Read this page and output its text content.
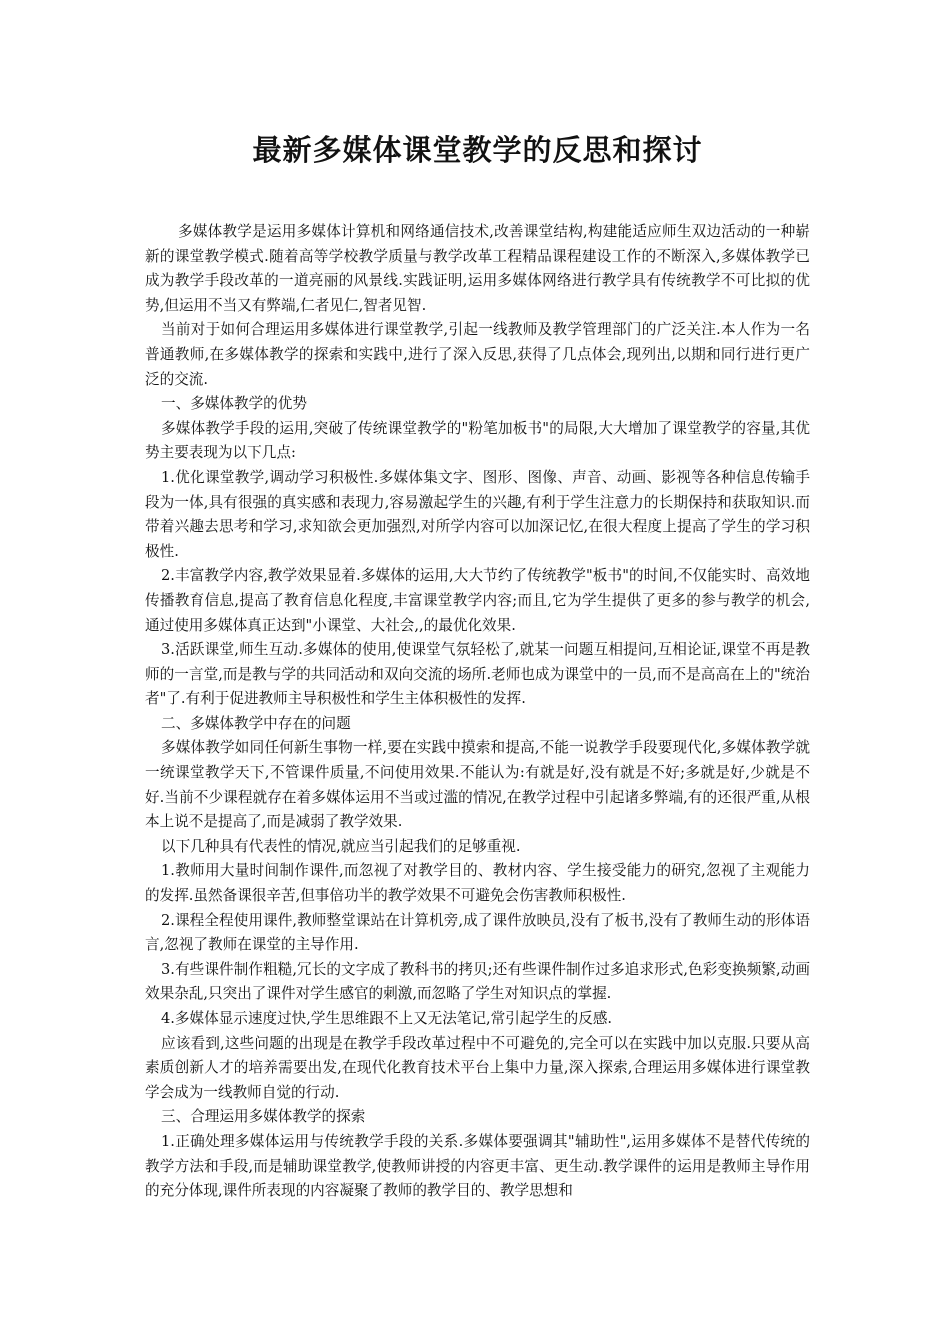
最新多媒体课堂教学的反思和探讨

多媒体教学是运用多媒体计算机和网络通信技术,改善课堂结构,构建能适应师生双边活动的一种崭新的课堂教学模式.随着高等学校教学质量与教学改革工程精品课程建设工作的不断深入,多媒体教学已成为教学手段改革的一道亮丽的风景线.实践证明,运用多媒体网络进行教学具有传统教学不可比拟的优势,但运用不当又有弊端,仁者见仁,智者见智.

当前对于如何合理运用多媒体进行课堂教学,引起一线教师及教学管理部门的广泛关注.本人作为一名普通教师,在多媒体教学的探索和实践中,进行了深入反思,获得了几点体会,现列出,以期和同行进行更广泛的交流.

一、多媒体教学的优势

多媒体教学手段的运用,突破了传统课堂教学的"粉笔加板书"的局限,大大增加了课堂教学的容量,其优势主要表现为以下几点:

1.优化课堂教学,调动学习积极性.多媒体集文字、图形、图像、声音、动画、影视等各种信息传输手段为一体,具有很强的真实感和表现力,容易激起学生的兴趣,有利于学生注意力的长期保持和获取知识.而带着兴趣去思考和学习,求知欲会更加强烈,对所学内容可以加深记忆,在很大程度上提高了学生的学习积极性.

2.丰富教学内容,教学效果显着.多媒体的运用,大大节约了传统教学"板书"的时间,不仅能实时、高效地传播教育信息,提高了教育信息化程度,丰富课堂教学内容;而且,它为学生提供了更多的参与教学的机会,通过使用多媒体真正达到"小课堂、大社会,,的最优化效果.

3.活跃课堂,师生互动.多媒体的使用,使课堂气氛轻松了,就某一问题互相提问,互相论证,课堂不再是教师的一言堂,而是教与学的共同活动和双向交流的场所.老师也成为课堂中的一员,而不是高高在上的"统治者"了.有利于促进教师主导积极性和学生主体积极性的发挥.

二、多媒体教学中存在的问题

多媒体教学如同任何新生事物一样,要在实践中摸索和提高,不能一说教学手段要现代化,多媒体教学就一统课堂教学天下,不管课件质量,不问使用效果.不能认为:有就是好,没有就是不好;多就是好,少就是不好.当前不少课程就存在着多媒体运用不当或过滥的情况,在教学过程中引起诸多弊端,有的还很严重,从根本上说不是提高了,而是减弱了教学效果.

以下几种具有代表性的情况,就应当引起我们的足够重视.

1.教师用大量时间制作课件,而忽视了对教学目的、教材内容、学生接受能力的研究,忽视了主观能力的发挥.虽然备课很辛苦,但事倍功半的教学效果不可避免会伤害教师积极性.

2.课程全程使用课件,教师整堂课站在计算机旁,成了课件放映员,没有了板书,没有了教师生动的形体语言,忽视了教师在课堂的主导作用.

3.有些课件制作粗糙,冗长的文字成了教科书的拷贝;还有些课件制作过多追求形式,色彩变换频繁,动画效果杂乱,只突出了课件对学生感官的刺激,而忽略了学生对知识点的掌握.

4.多媒体显示速度过快,学生思维跟不上又无法笔记,常引起学生的反感.

应该看到,这些问题的出现是在教学手段改革过程中不可避免的,完全可以在实践中加以克服.只要从高素质创新人才的培养需要出发,在现代化教育技术平台上集中力量,深入探索,合理运用多媒体进行课堂教学会成为一线教师自觉的行动.

三、合理运用多媒体教学的探索

1.正确处理多媒体运用与传统教学手段的关系.多媒体要强调其"辅助性",运用多媒体不是替代传统的教学方法和手段,而是辅助课堂教学,使教师讲授的内容更丰富、更生动.教学课件的运用是教师主导作用的充分体现,课件所表现的内容凝聚了教师的教学目的、教学思想和
